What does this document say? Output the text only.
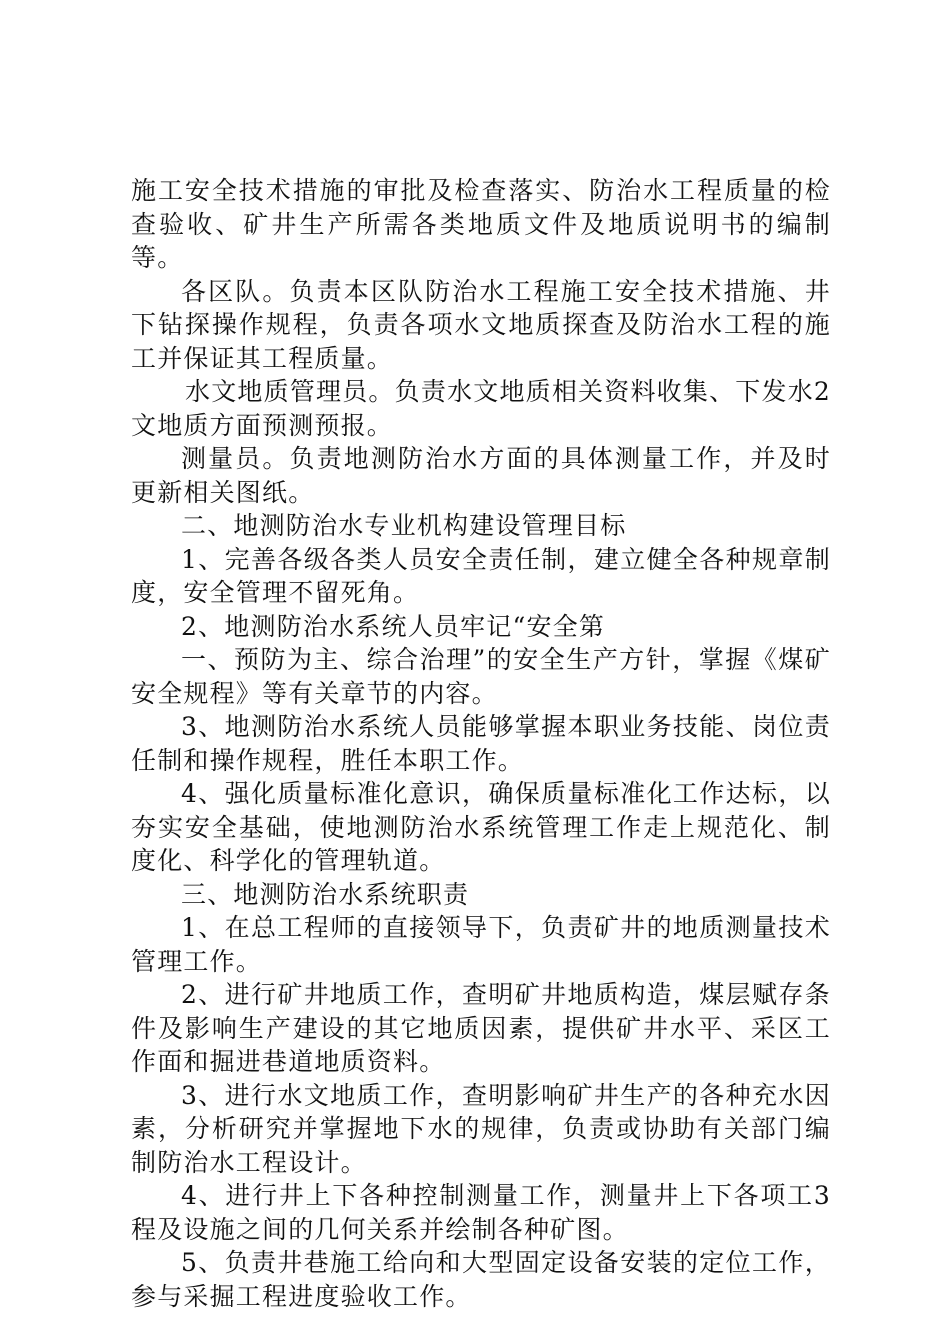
施工安全技术措施的审批及检查落实、防治水工程质量的检查验收、矿井生产所需各类地质文件及地质说明书的编制等。

各区队。负责本区队防治水工程施工安全技术措施、井下钻探操作规程，负责各项水文地质探查及防治水工程的施工并保证其工程质量。

水文地质管理员。负责水文地质相关资料收集、下发水2文地质方面预测预报。

测量员。负责地测防治水方面的具体测量工作，并及时更新相关图纸。

二、地测防治水专业机构建设管理目标

1、完善各级各类人员安全责任制，建立健全各种规章制度，安全管理不留死角。

2、地测防治水系统人员牢记“安全第

一、预防为主、综合治理”的安全生产方针，掌握《煤矿安全规程》等有关章节的内容。

3、地测防治水系统人员能够掌握本职业务技能、岗位责任制和操作规程，胜任本职工作。

4、强化质量标准化意识，确保质量标准化工作达标，以夯实安全基础，使地测防治水系统管理工作走上规范化、制度化、科学化的管理轨道。

三、地测防治水系统职责

1、在总工程师的直接领导下，负责矿井的地质测量技术管理工作。

2、进行矿井地质工作，查明矿井地质构造，煤层赋存条件及影响生产建设的其它地质因素，提供矿井水平、采区工作面和掘进巷道地质资料。

3、进行水文地质工作，查明影响矿井生产的各种充水因素，分析研究并掌握地下水的规律，负责或协助有关部门编制防治水工程设计。

4、进行井上下各种控制测量工作，测量井上下各项工3程及设施之间的几何关系并绘制各种矿图。

5、负责井巷施工给向和大型固定设备安装的定位工作，参与采掘工程进度验收工作。
